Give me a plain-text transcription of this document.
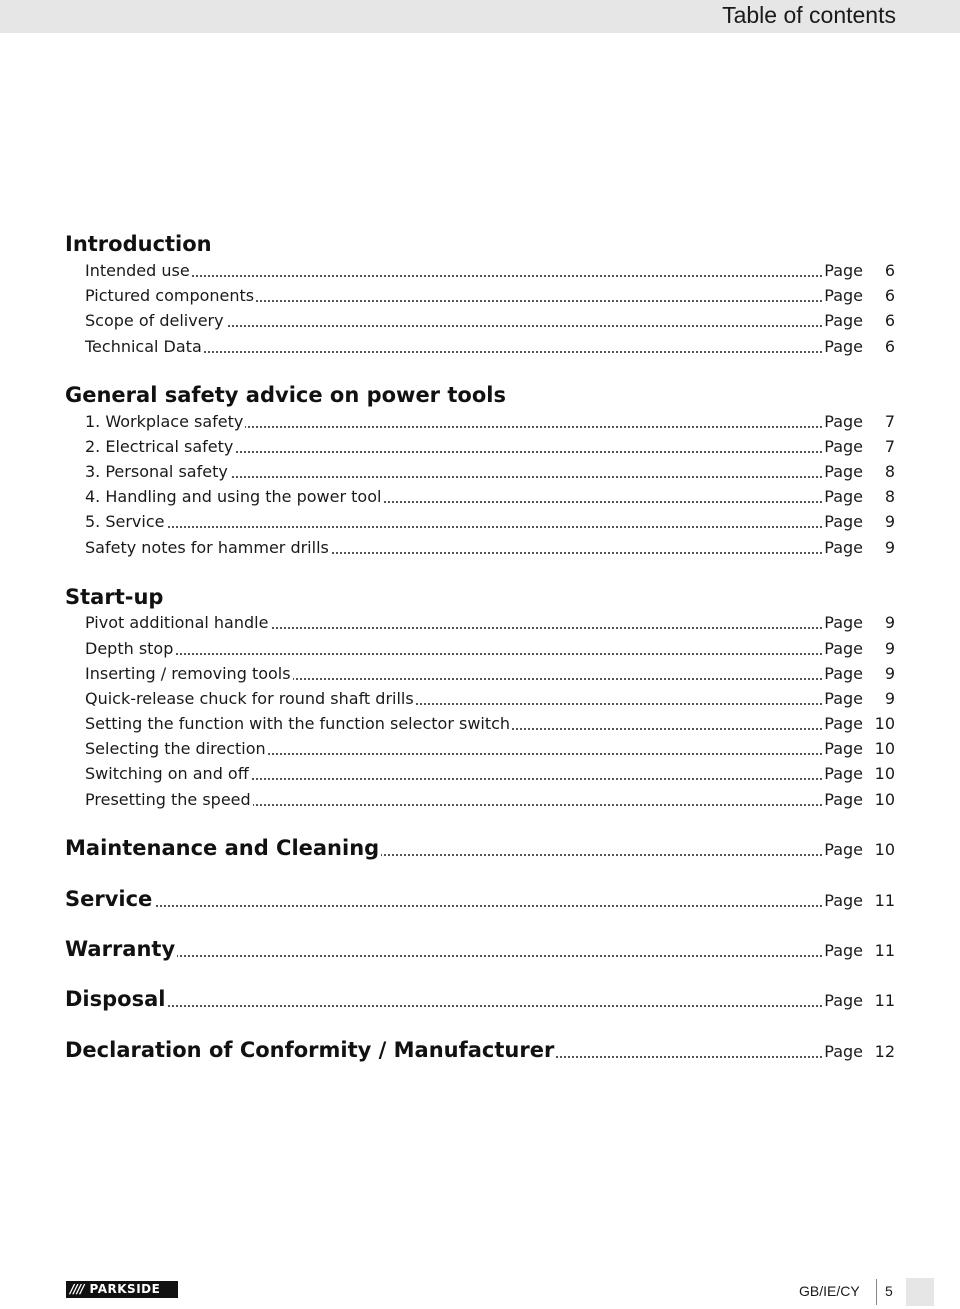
Table of contents
Introduction
Intended use	Page	6
Pictured components	Page	6
Scope of delivery	Page	6
Technical Data	Page	6
General safety advice on power tools
1. Workplace safety	Page	7
2. Electrical safety	Page	7
3. Personal safety	Page	8
4. Handling and using the power tool	Page	8
5. Service	Page	9
Safety notes for hammer drills	Page	9
Start-up
Pivot additional handle	Page	9
Depth stop	Page	9
Inserting / removing tools	Page	9
Quick-release chuck for round shaft drills	Page	9
Setting the function with the function selector switch	Page 10
Selecting the direction	Page 10
Switching on and off	Page 10
Presetting the speed	Page 10
Maintenance and Cleaning	Page 10
Service	Page 11
Warranty	Page 11
Disposal	Page 11
Declaration of Conformity / Manufacturer	Page 12
//// PARKSIDE	GB/IE/CY 5
